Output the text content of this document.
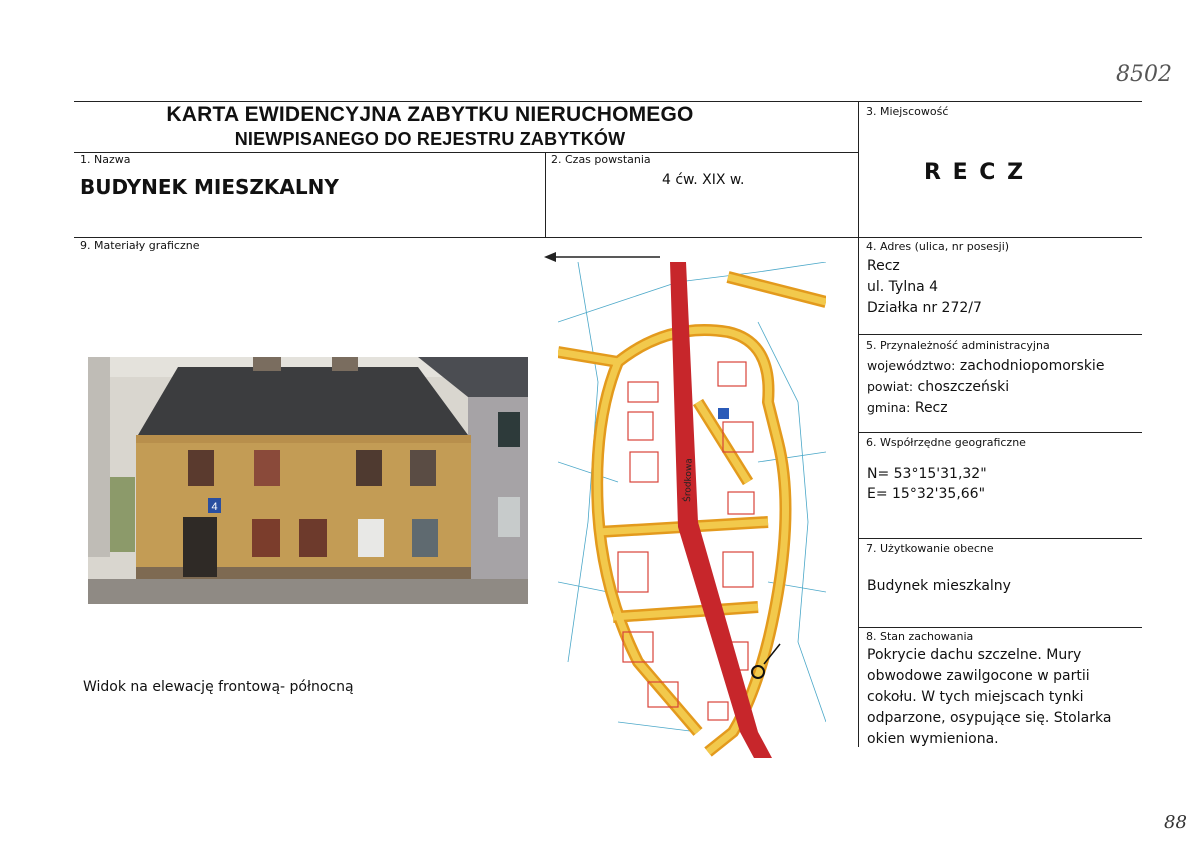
8502
KARTA EWIDENCYJNA ZABYTKU NIERUCHOMEGO
NIEWPISANEGO DO REJESTRU ZABYTKÓW
1. Nazwa
BUDYNEK MIESZKALNY
2. Czas powstania
4 ćw. XIX w.
3. Miejscowość
R E C Z
9. Materiały graficzne
4
Widok na elewację frontową- północną
Środkowa
4. Adres (ulica, nr posesji)
Recz
ul. Tylna 4
Działka nr 272/7
5. Przynależność administracyjna
województwo: zachodniopomorskie
powiat: choszczeński
gmina: Recz
6. Współrzędne geograficzne
N= 53°15'31,32"
E= 15°32'35,66"
7. Użytkowanie obecne
Budynek mieszkalny
8. Stan zachowania
Pokrycie dachu szczelne. Mury
obwodowe zawilgocone w partii
cokołu. W tych miejscach tynki
odparzone, osypujące się. Stolarka
okien wymieniona.
88
